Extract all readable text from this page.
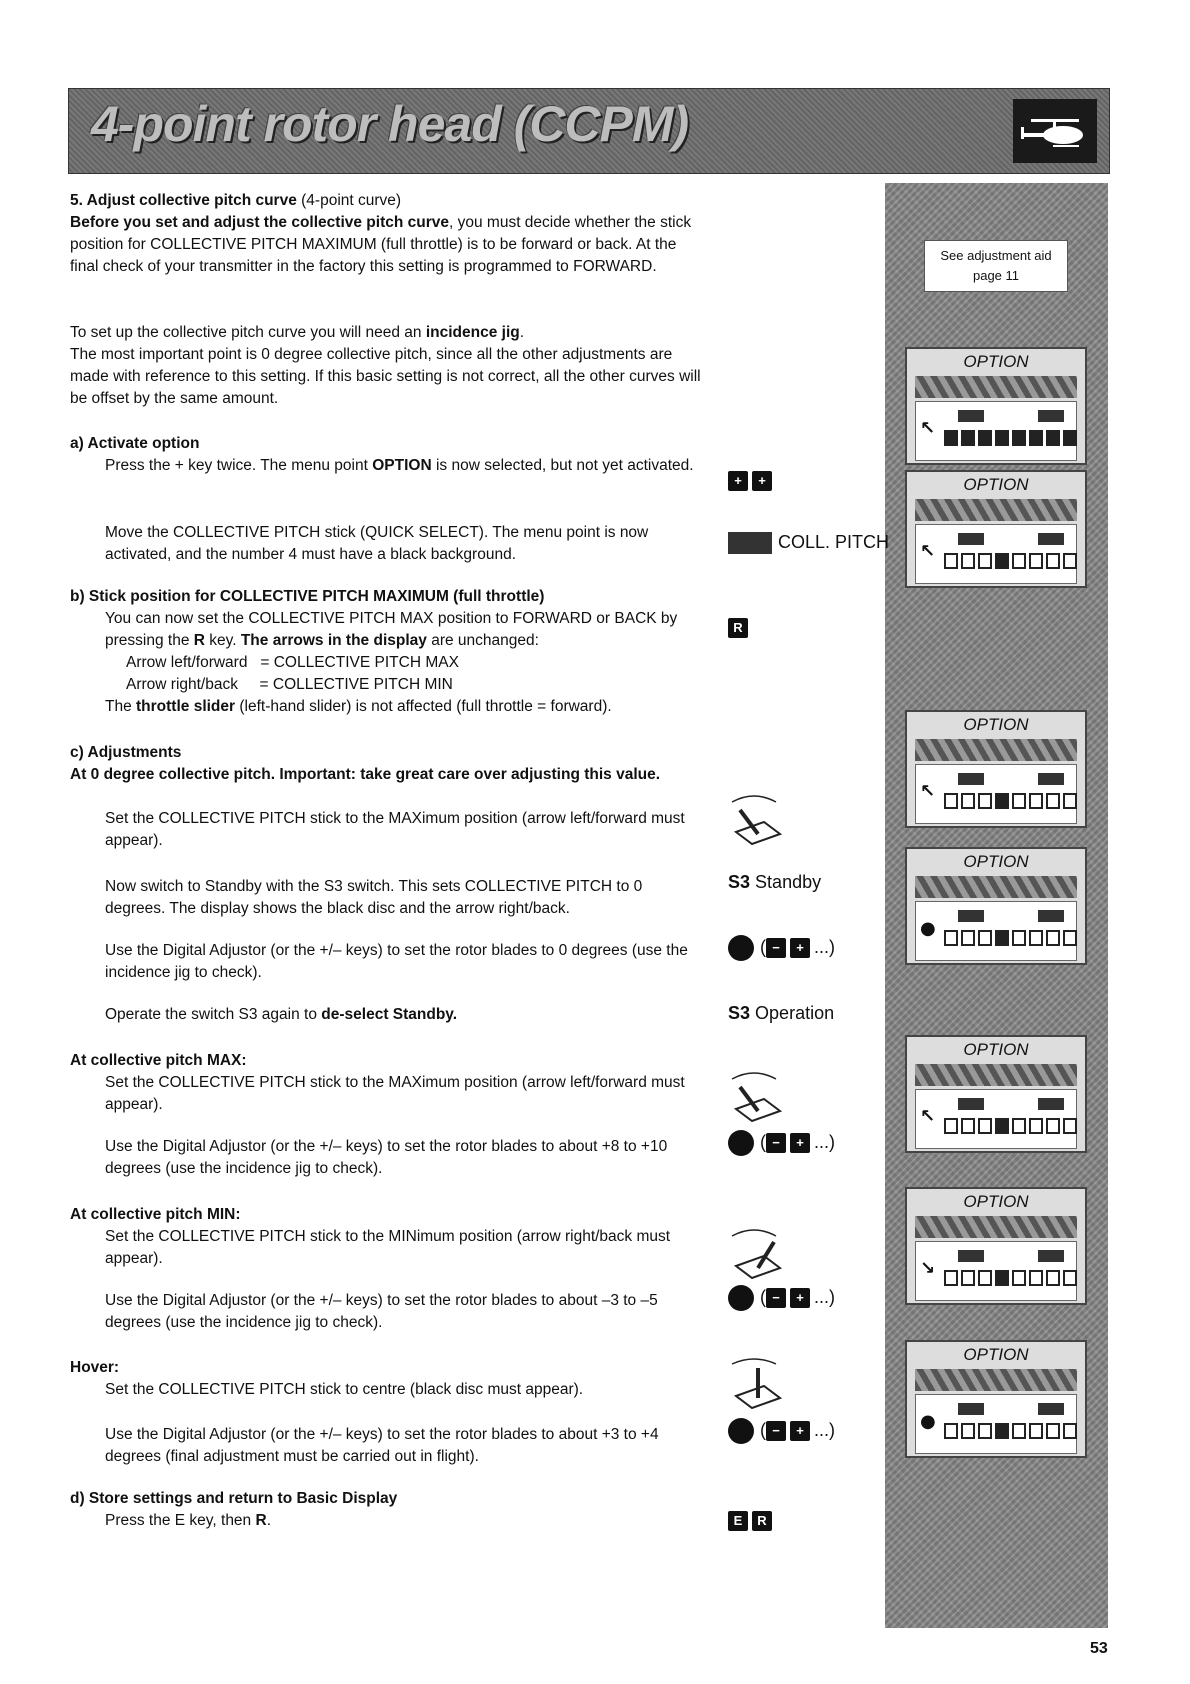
4-point rotor head (CCPM)
See adjustment aid page 11
OPTION
↖
OPTION
↖
OPTION
↖
OPTION
●
OPTION
↖
OPTION
↘
OPTION
●
5. Adjust collective pitch curve (4-point curve)
Before you set and adjust the collective pitch curve, you must decide whether the stick position for COLLECTIVE PITCH MAXIMUM (full throttle) is to be forward or back. At the final check of your transmitter in the factory this setting is programmed to FORWARD.
To set up the collective pitch curve you will need an incidence jig.
The most important point is 0 degree collective pitch, since all the other adjustments are made with reference to this setting. If this basic setting is not correct, all the other curves will be offset by the same amount.
a) Activate option
Press the + key twice. The menu point OPTION is now selected, but not yet activated.
Move the COLLECTIVE PITCH stick (QUICK SELECT). The menu point is now activated, and the number 4 must have a black background.
b) Stick position for COLLECTIVE PITCH MAXIMUM (full throttle)
You can now set the COLLECTIVE PITCH MAX position to FORWARD or BACK by pressing the R key. The arrows in the display are unchanged:
Arrow left/forward   = COLLECTIVE PITCH MAX
Arrow right/back     = COLLECTIVE PITCH MIN
The throttle slider (left-hand slider) is not affected (full throttle = forward).
c) Adjustments
At 0 degree collective pitch. Important: take great care over adjusting this value.
Set the COLLECTIVE PITCH stick to the MAXimum position (arrow left/forward must appear).
Now switch to Standby with the S3 switch. This sets COLLECTIVE PITCH to 0 degrees. The display shows the black disc and the arrow right/back.
Use the Digital Adjustor (or the +/– keys) to set the rotor blades to 0 degrees (use the incidence jig to check).
Operate the switch S3 again to de-select Standby.
At collective pitch MAX:
Set the COLLECTIVE PITCH stick to the MAXimum position (arrow left/forward must appear).
Use the Digital Adjustor (or the +/– keys) to set the rotor blades to about +8 to +10 degrees (use the incidence jig to check).
At collective pitch MIN:
Set the COLLECTIVE PITCH stick to the MINimum position (arrow right/back must appear).
Use the Digital Adjustor (or the +/– keys) to set the rotor blades to about –3 to –5 degrees (use the incidence jig to check).
Hover:
Set the COLLECTIVE PITCH stick to centre (black disc must appear).
Use the Digital Adjustor (or the +/– keys) to set the rotor blades to about +3 to +4 degrees (final adjustment must be carried out in flight).
d) Store settings and return to Basic Display
Press the E key, then R.
+ +
COLL. PITCH
R
S3 Standby
( − + ...)
S3 Operation
( − + ...)
( − + ...)
( − + ...)
E R
53
